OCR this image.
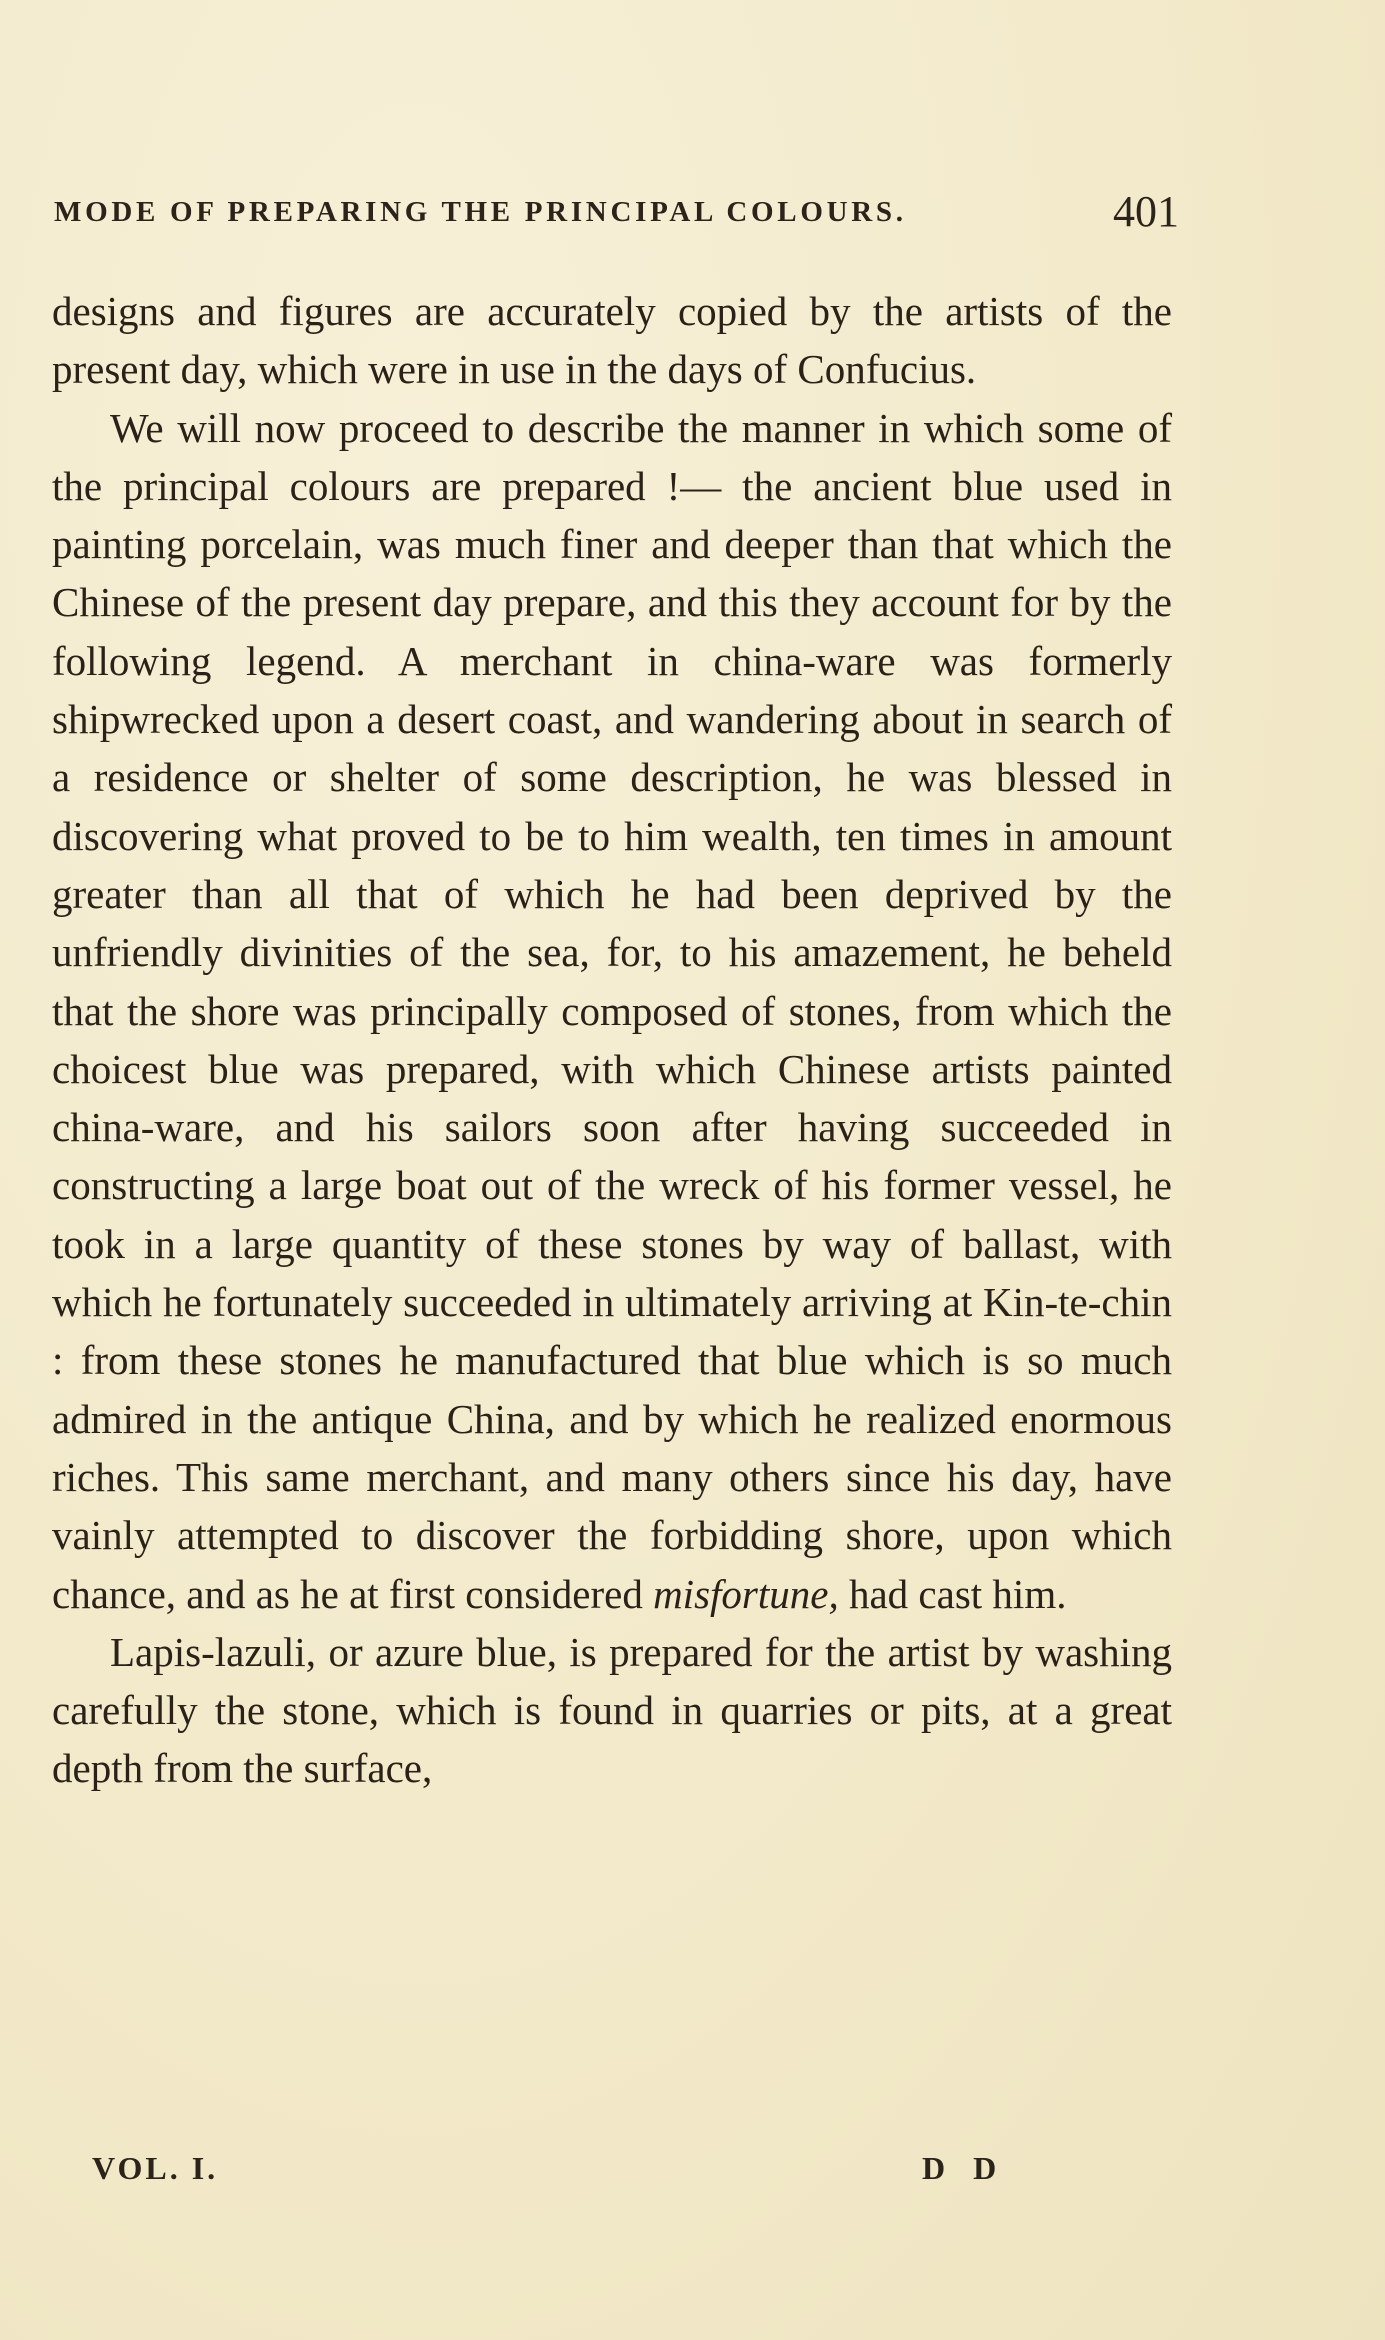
MODE OF PREPARING THE PRINCIPAL COLOURS.	401

designs and figures are accurately copied by the artists of the present day, which were in use in the days of Confucius.

We will now proceed to describe the manner in which some of the principal colours are prepared !— the ancient blue used in painting porcelain, was much finer and deeper than that which the Chinese of the present day prepare, and this they account for by the following legend. A merchant in china-ware was formerly shipwrecked upon a desert coast, and wandering about in search of a residence or shelter of some description, he was blessed in discovering what proved to be to him wealth, ten times in amount greater than all that of which he had been deprived by the unfriendly divinities of the sea, for, to his amazement, he beheld that the shore was principally composed of stones, from which the choicest blue was prepared, with which Chinese artists painted china-ware, and his sailors soon after having succeeded in constructing a large boat out of the wreck of his former vessel, he took in a large quantity of these stones by way of ballast, with which he fortunately succeeded in ultimately arriving at Kin-te-chin : from these stones he manufactured that blue which is so much admired in the antique China, and by which he realized enormous riches. This same merchant, and many others since his day, have vainly attempted to discover the forbidding shore, upon which chance, and as he at first considered misfortune, had cast him.

Lapis-lazuli, or azure blue, is prepared for the artist by washing carefully the stone, which is found in quarries or pits, at a great depth from the surface,

VOL. I.	D D
